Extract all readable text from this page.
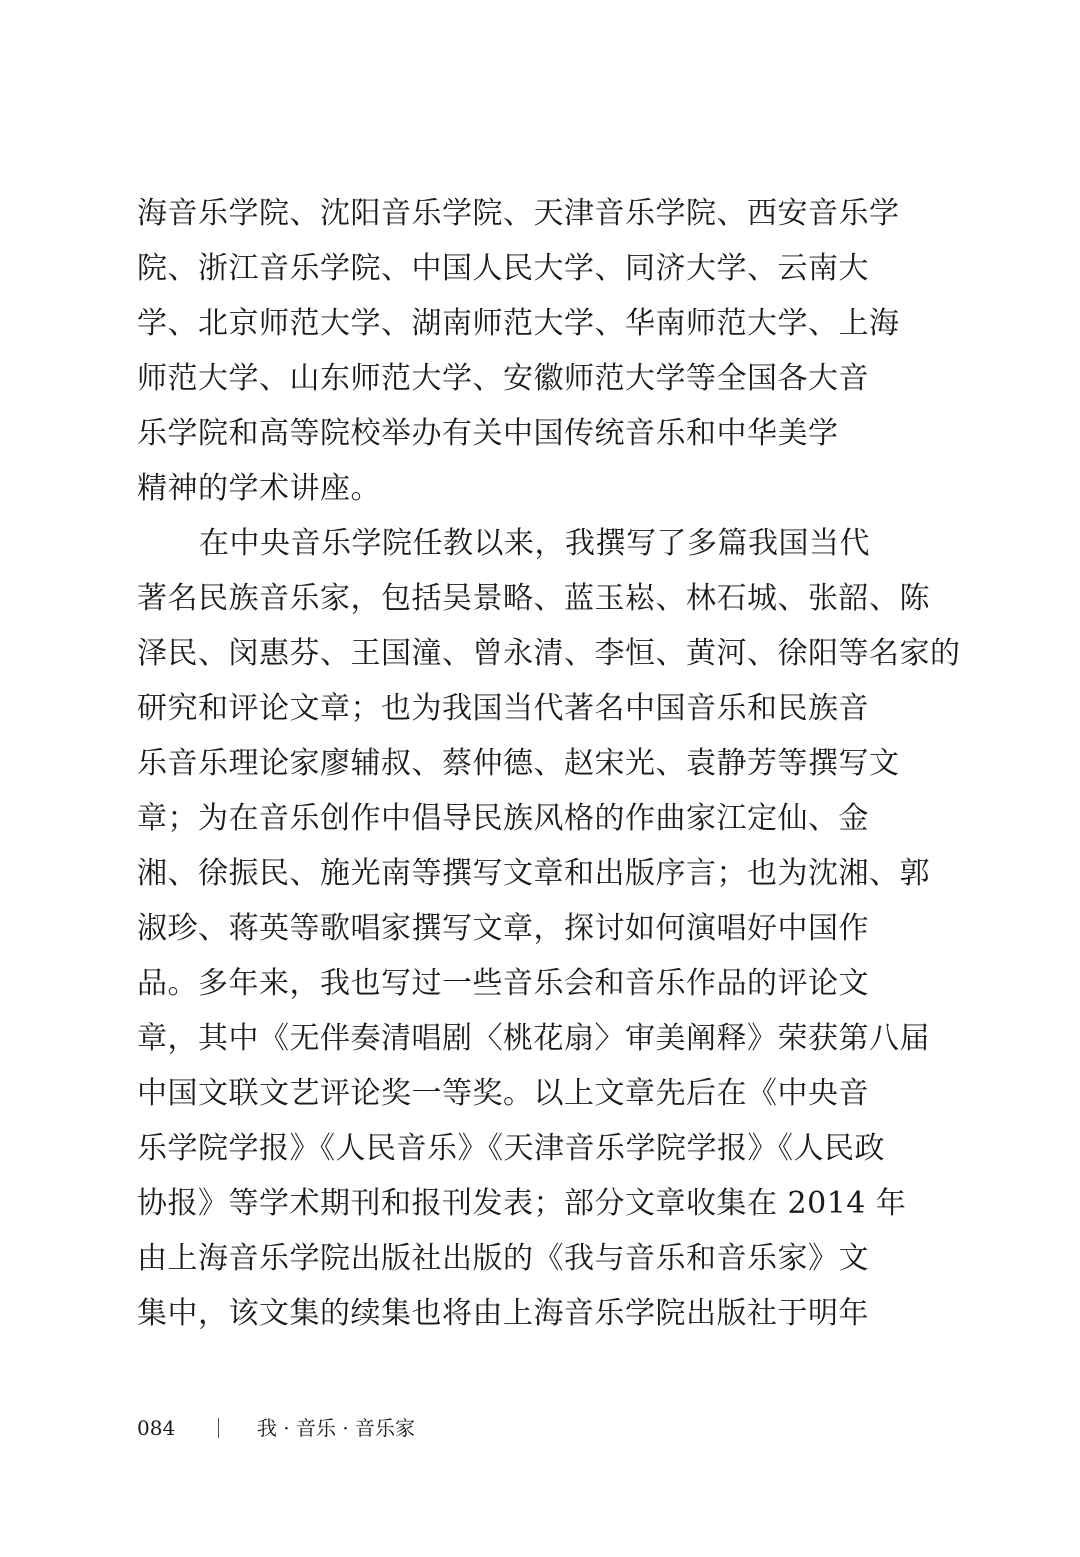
海音乐学院、沈阳音乐学院、天津音乐学院、西安音乐学
院、浙江音乐学院、中国人民大学、同济大学、云南大
学、北京师范大学、湖南师范大学、华南师范大学、上海
师范大学、山东师范大学、安徽师范大学等全国各大音
乐学院和高等院校举办有关中国传统音乐和中华美学
精神的学术讲座。
在中央音乐学院任教以来，我撰写了多篇我国当代
著名民族音乐家，包括吴景略、蓝玉崧、林石城、张韶、陈
泽民、闵惠芬、王国潼、曾永清、李恒、黄河、徐阳等名家的
研究和评论文章；也为我国当代著名中国音乐和民族音
乐音乐理论家廖辅叔、蔡仲德、赵宋光、袁静芳等撰写文
章；为在音乐创作中倡导民族风格的作曲家江定仙、金
湘、徐振民、施光南等撰写文章和出版序言；也为沈湘、郭
淑珍、蒋英等歌唱家撰写文章，探讨如何演唱好中国作
品。多年来，我也写过一些音乐会和音乐作品的评论文
章，其中《无伴奏清唱剧〈桃花扇〉审美阐释》荣获第八届
中国文联文艺评论奖一等奖。以上文章先后在《中央音
乐学院学报》《人民音乐》《天津音乐学院学报》《人民政
协报》等学术期刊和报刊发表；部分文章收集在 2014 年
由上海音乐学院出版社出版的《我与音乐和音乐家》文
集中，该文集的续集也将由上海音乐学院出版社于明年
084	我 · 音乐 · 音乐家
